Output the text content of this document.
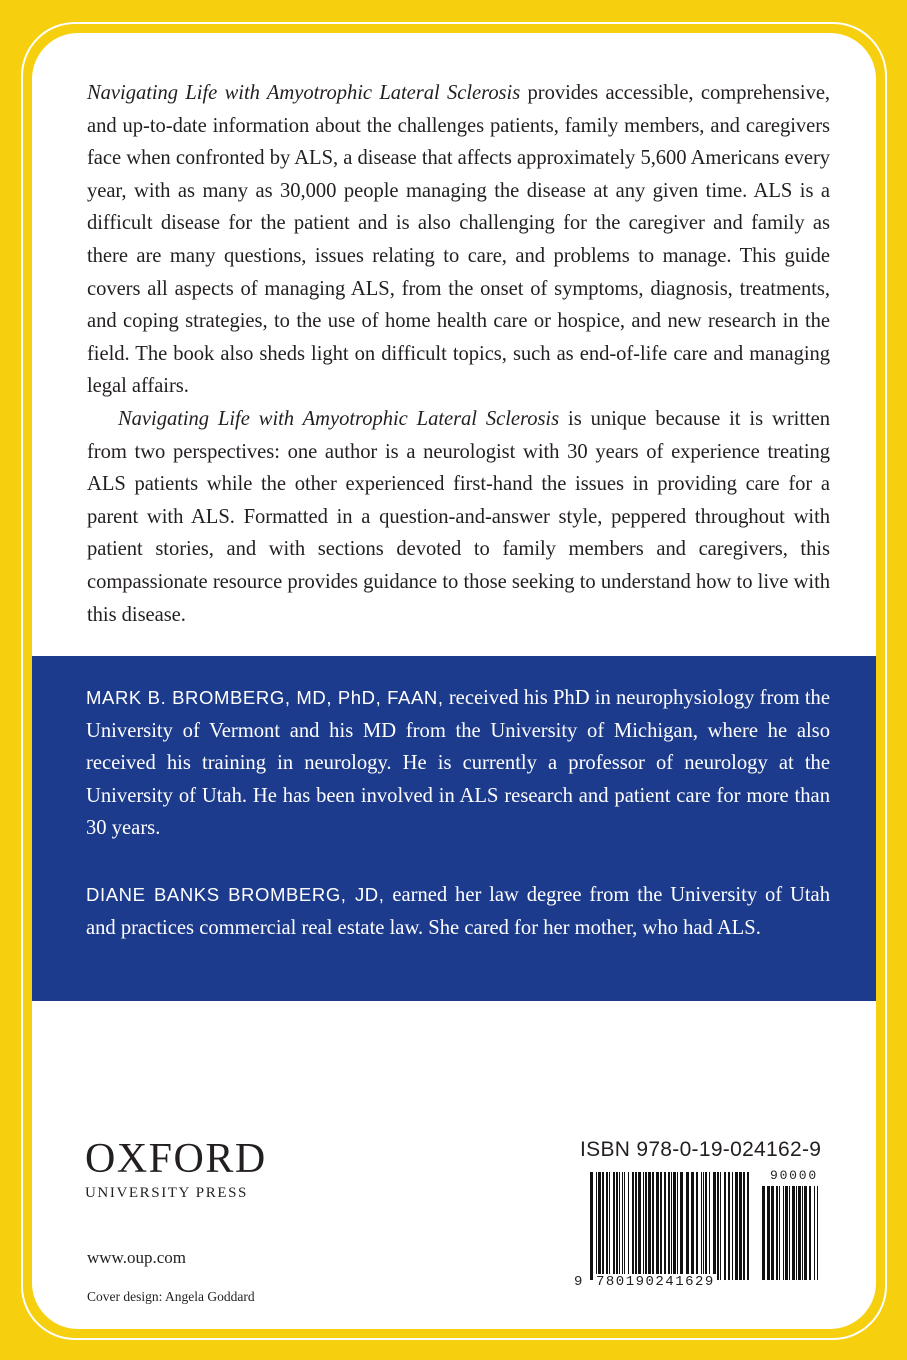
Navigating Life with Amyotrophic Lateral Sclerosis provides accessible, comprehensive, and up-to-date information about the challenges patients, family members, and caregivers face when confronted by ALS, a disease that affects approximately 5,600 Americans every year, with as many as 30,000 people managing the disease at any given time. ALS is a difficult disease for the patient and is also challenging for the caregiver and family as there are many questions, issues relating to care, and problems to manage. This guide covers all aspects of managing ALS, from the onset of symptoms, diagnosis, treatments, and coping strategies, to the use of home health care or hospice, and new research in the field. The book also sheds light on difficult topics, such as end-of-life care and managing legal affairs.

Navigating Life with Amyotrophic Lateral Sclerosis is unique because it is written from two perspectives: one author is a neurologist with 30 years of experience treating ALS patients while the other experienced first-hand the issues in providing care for a parent with ALS. Formatted in a question-and-answer style, peppered throughout with patient stories, and with sections devoted to family members and caregivers, this compassionate resource provides guidance to those seeking to understand how to live with this disease.

MARK B. BROMBERG, MD, PhD, FAAN, received his PhD in neurophysiology from the University of Vermont and his MD from the University of Michigan, where he also received his training in neurology. He is currently a professor of neurology at the University of Utah. He has been involved in ALS research and patient care for more than 30 years.

DIANE BANKS BROMBERG, JD, earned her law degree from the University of Utah and practices commercial real estate law. She cared for her mother, who had ALS.

OXFORD
UNIVERSITY PRESS
www.oup.com
Cover design: Angela Goddard
ISBN 978-0-19-024162-9
90000
9 780190241629
